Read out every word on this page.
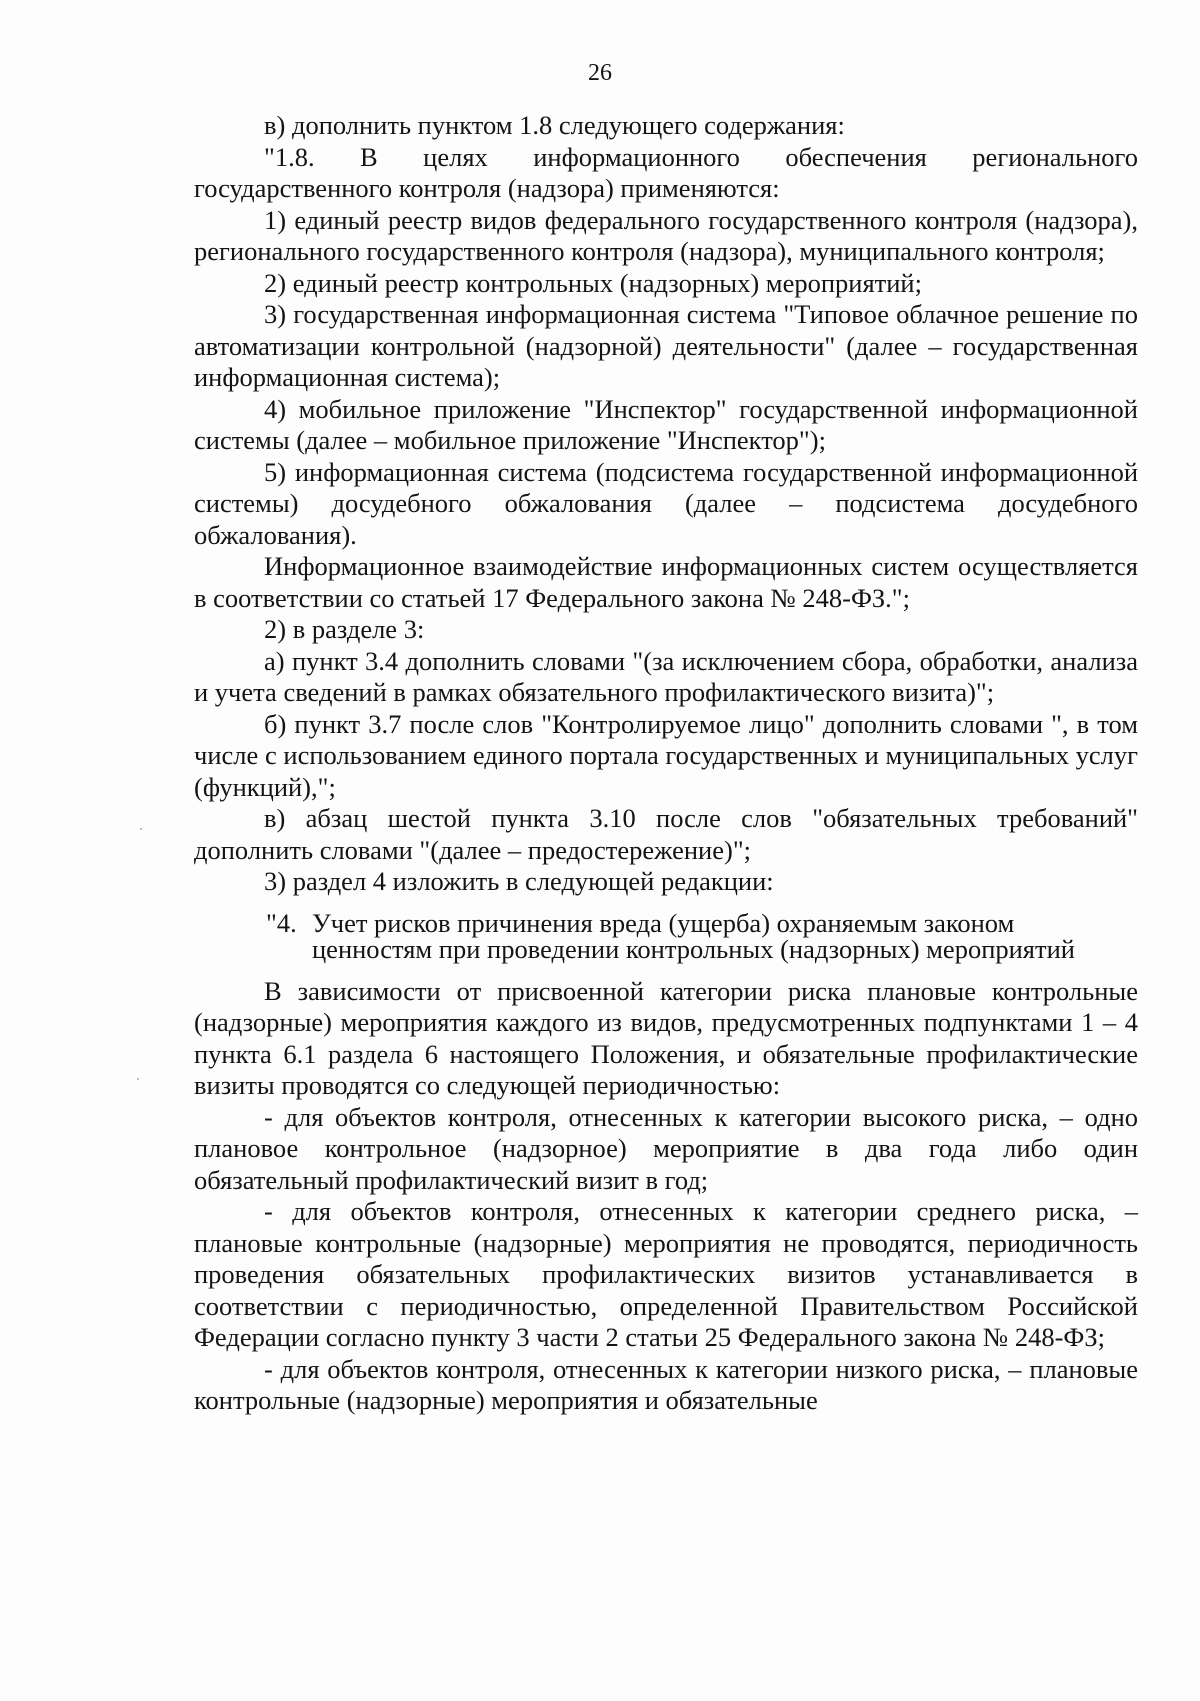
26

в) дополнить пунктом 1.8 следующего содержания:

"1.8. В целях информационного обеспечения регионального государственного контроля (надзора) применяются:

1) единый реестр видов федерального государственного контроля (надзора), регионального государственного контроля (надзора), муниципального контроля;

2) единый реестр контрольных (надзорных) мероприятий;

3) государственная информационная система "Типовое облачное решение по автоматизации контрольной (надзорной) деятельности" (далее – государственная информационная система);

4) мобильное приложение "Инспектор" государственной информационной системы (далее – мобильное приложение "Инспектор");

5) информационная система (подсистема государственной информационной системы) досудебного обжалования (далее – подсистема досудебного обжалования).

Информационное взаимодействие информационных систем осуществляется в соответствии со статьей 17 Федерального закона № 248-ФЗ.";

2) в разделе 3:

а) пункт 3.4 дополнить словами "(за исключением сбора, обработки, анализа и учета сведений в рамках обязательного профилактического визита)";

б) пункт 3.7 после слов "Контролируемое лицо" дополнить словами ", в том числе с использованием единого портала государственных и муниципальных услуг (функций),";

в) абзац шестой пункта 3.10 после слов "обязательных требований" дополнить словами "(далее – предостережение)";

3) раздел 4 изложить в следующей редакции:

"4. Учет рисков причинения вреда (ущерба) охраняемым законом
ценностям при проведении контрольных (надзорных) мероприятий

В зависимости от присвоенной категории риска плановые контрольные (надзорные) мероприятия каждого из видов, предусмотренных подпунктами 1 – 4 пункта 6.1 раздела 6 настоящего Положения, и обязательные профилактические визиты проводятся со следующей периодичностью:

- для объектов контроля, отнесенных к категории высокого риска, – одно плановое контрольное (надзорное) мероприятие в два года либо один обязательный профилактический визит в год;

- для объектов контроля, отнесенных к категории среднего риска, – плановые контрольные (надзорные) мероприятия не проводятся, периодичность проведения обязательных профилактических визитов устанавливается в соответствии с периодичностью, определенной Правительством Российской Федерации согласно пункту 3 части 2 статьи 25 Федерального закона № 248-ФЗ;

- для объектов контроля, отнесенных к категории низкого риска, – плановые контрольные (надзорные) мероприятия и обязательные
